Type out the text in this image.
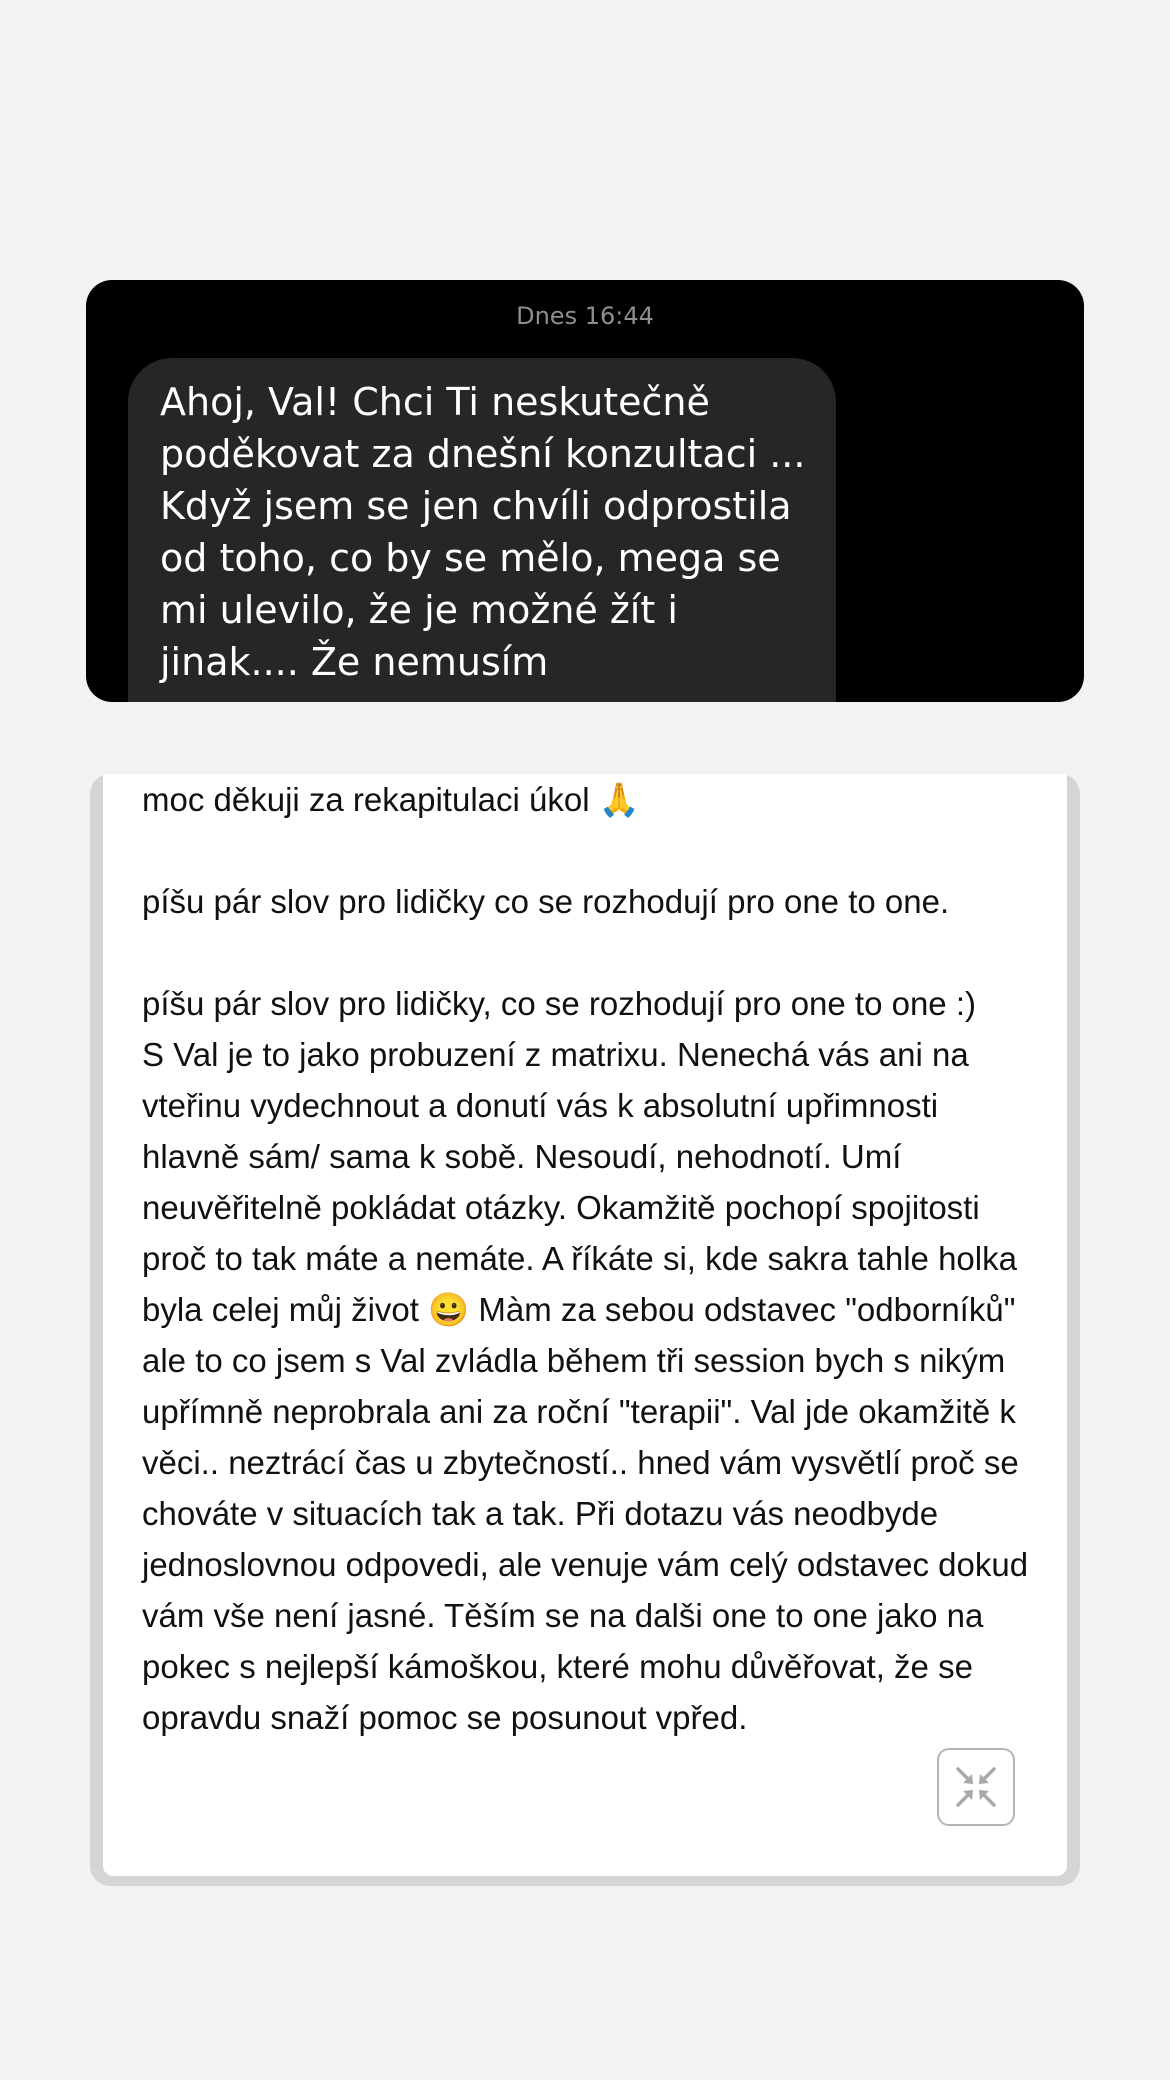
Dnes 16:44
Ahoj, Val! Chci Ti neskutečně poděkovat za dnešní konzultaci ... Když jsem se jen chvíli odprostila od toho, co by se mělo, mega se mi ulevilo, že je možné žít i jinak.... Že nemusím

moc děkuji za rekapitulaci úkol 🙏

píšu pár slov pro lidičky co se rozhodují pro one to one.

píšu pár slov pro lidičky, co se rozhodují pro one to one :)

S Val je to jako probuzení z matrixu. Nenechá vás ani na vteřinu vydechnout a donutí vás k absolutní upřimnosti hlavně sám/ sama k sobě. Nesoudí, nehodnotí. Umí neuvěřitelně pokládat otázky. Okamžitě pochopí spojitosti proč to tak máte a nemáte. A říkáte si, kde sakra tahle holka byla celej můj život 😀 Màm za sebou odstavec "odborníků" ale to co jsem s Val zvládla během tři session bych s nikým upřímně neprobrala ani za roční "terapii". Val jde okamžitě k věci.. neztrácí čas u zbytečností.. hned vám vysvětlí proč se chováte v situacích tak a tak. Při dotazu vás neodbyde jednoslovnou odpovedi, ale venuje vám celý odstavec dokud vám vše není jasné. Těším se na dalši one to one jako na pokec s nejlepší kámoškou, které mohu důvěřovat, že se opravdu snaží pomoc se posunout vpřed.
